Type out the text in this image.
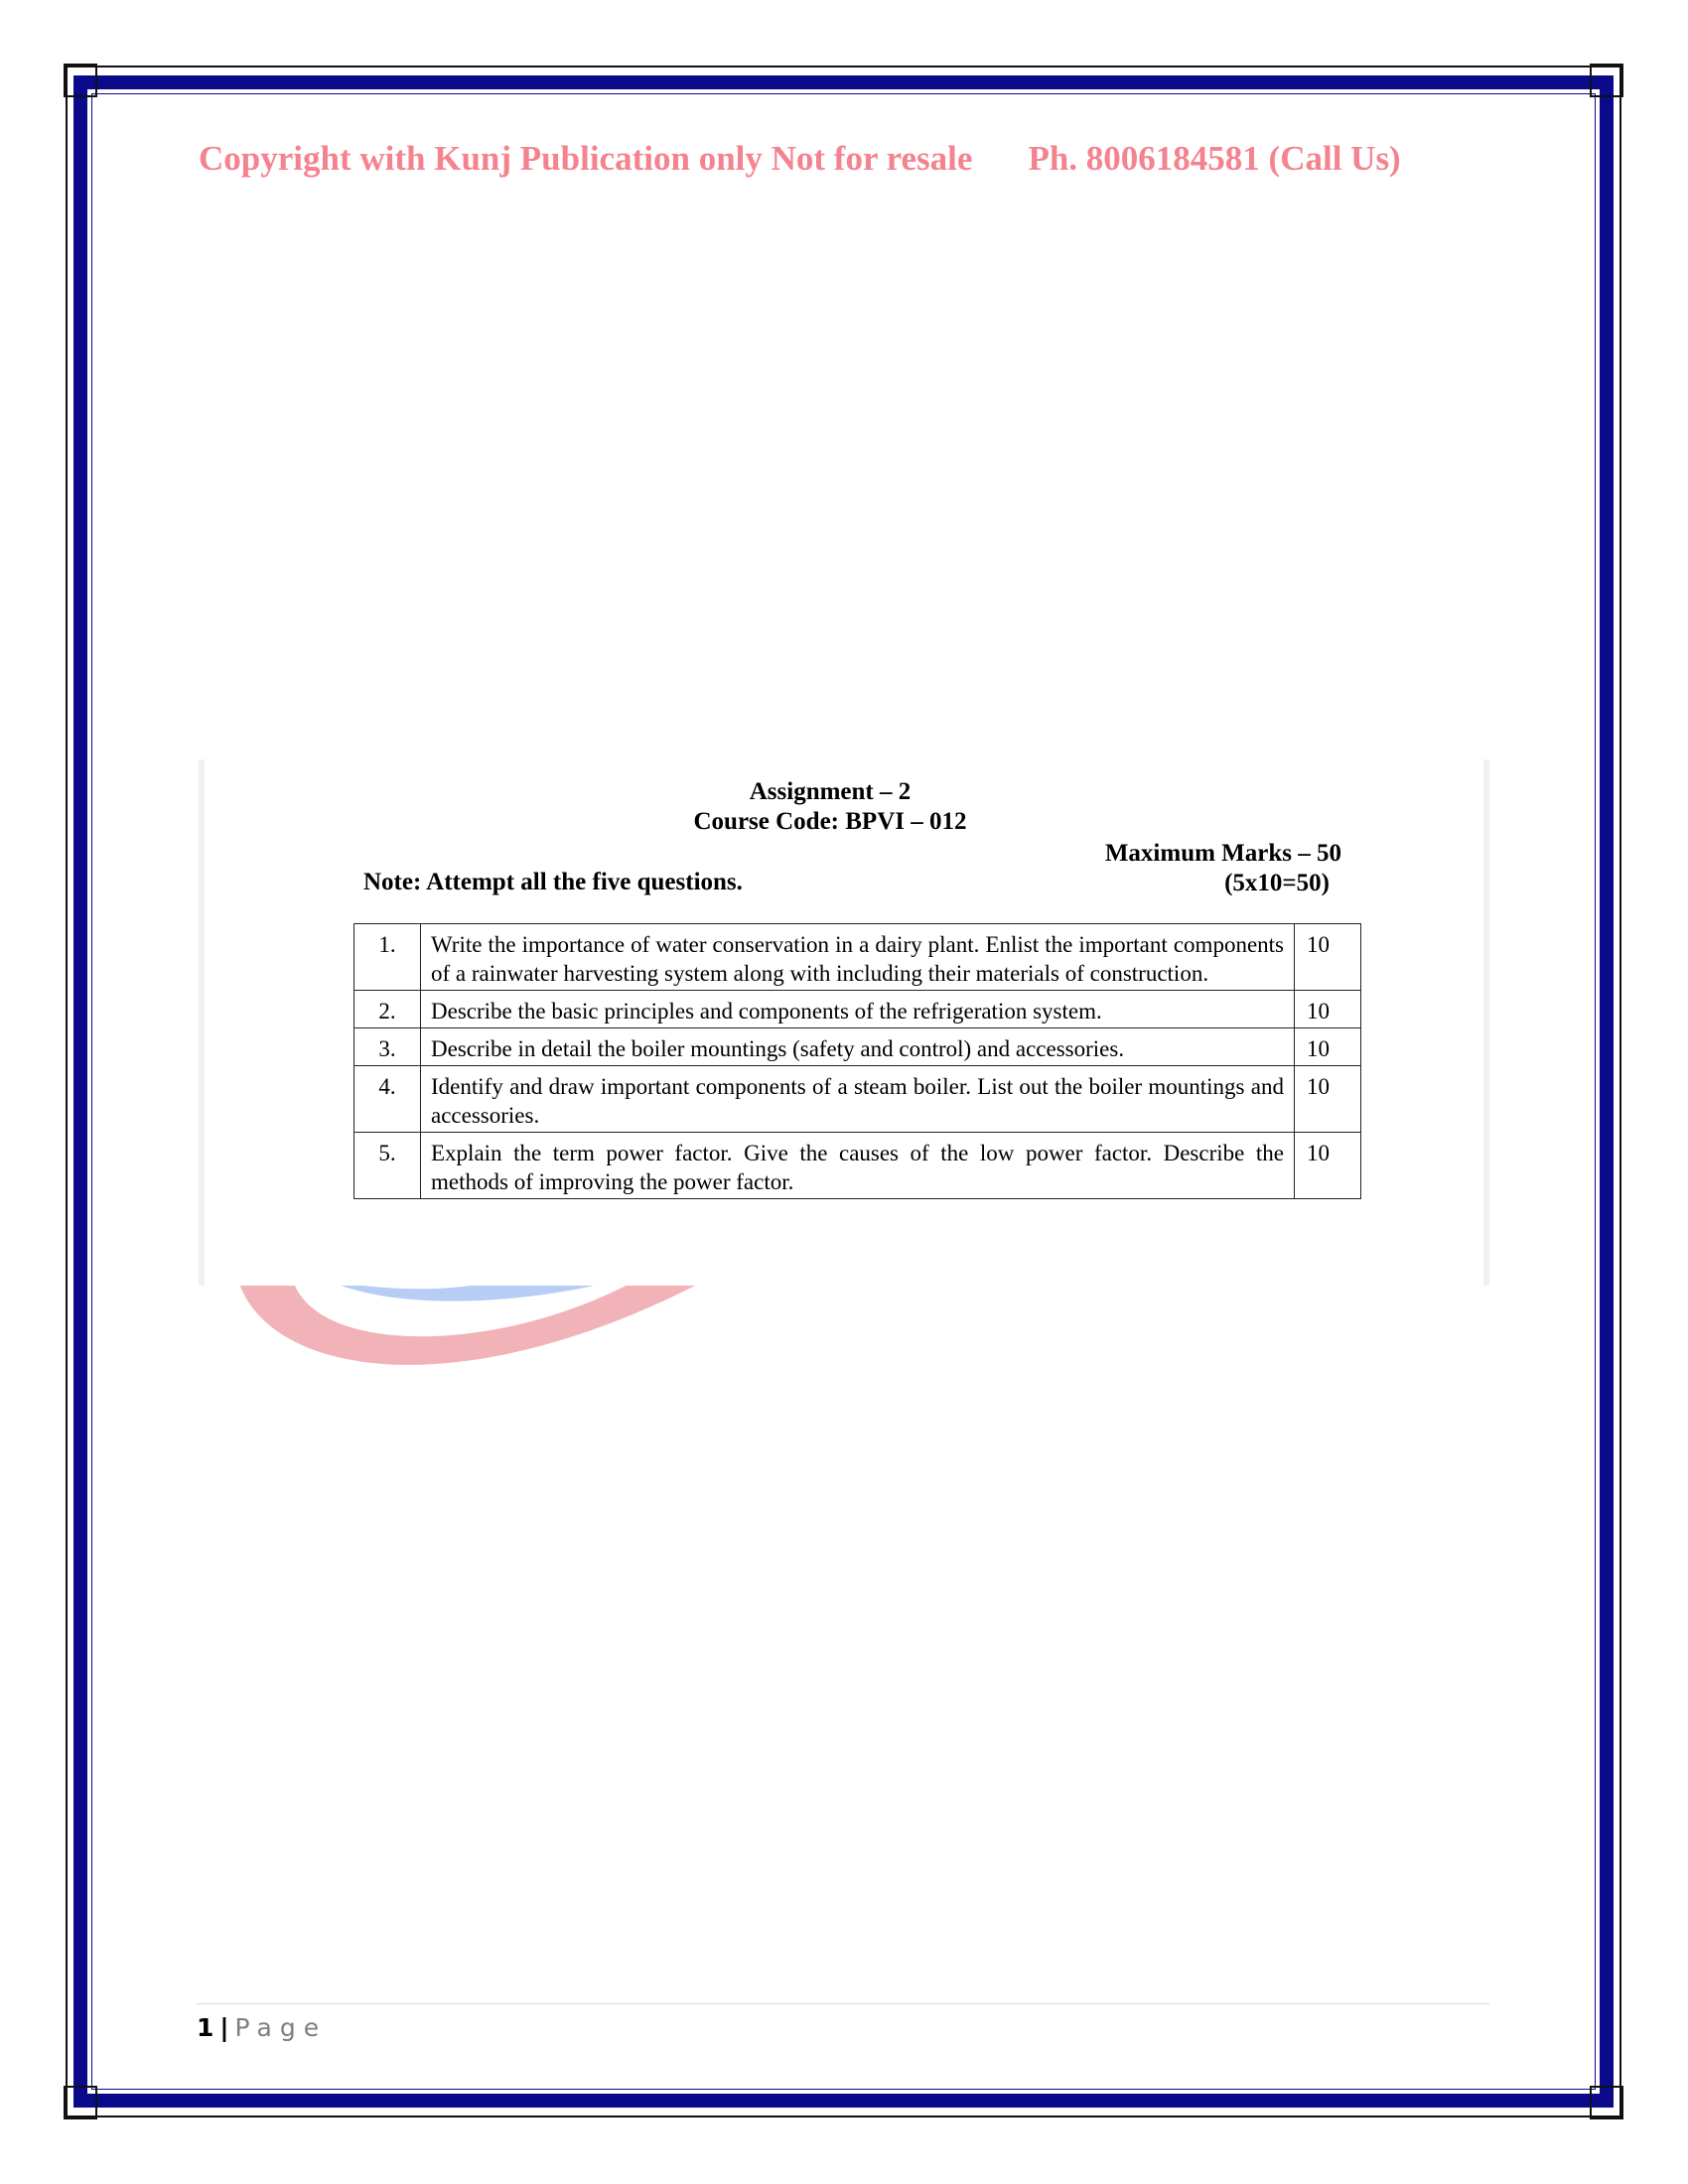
Copyright with Kunj Publication only Not for resale Ph. 8006184581 (Call Us)
Assignment – 2
Course Code: BPVI – 012
Maximum Marks – 50
(5x10=50)
Note: Attempt all the five questions.
1.	Write the importance of water conservation in a dairy plant. Enlist the important components of a rainwater harvesting system along with including their materials of construction.	10
2.	Describe the basic principles and components of the refrigeration system.	10
3.	Describe in detail the boiler mountings (safety and control) and accessories.	10
4.	Identify and draw important components of a steam boiler. List out the boiler mountings and accessories.	10
5.	Explain the term power factor. Give the causes of the low power factor. Describe the methods of improving the power factor.	10
1 | Page
